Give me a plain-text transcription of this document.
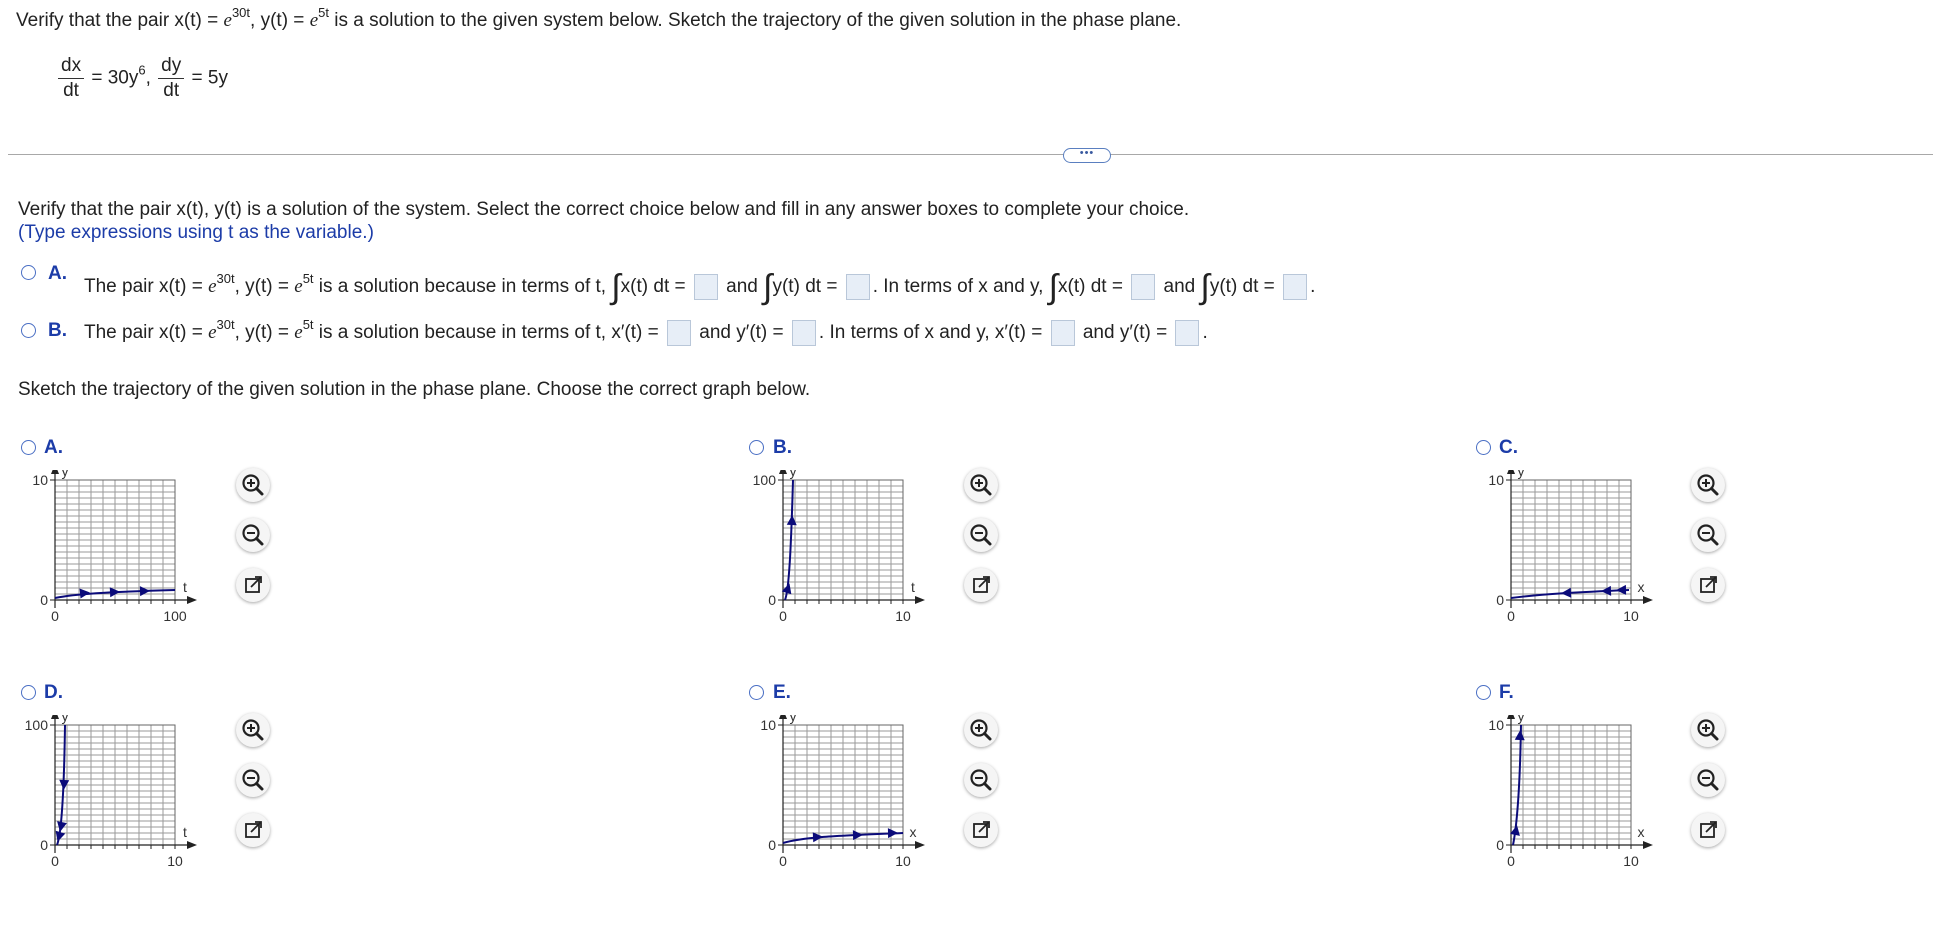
Verify that the pair $x(t) = e^{30t}$, $y(t) = e^{5t}$ is a solution to the given system below. Sketch the trajectory of the given solution in the phase plane.
$\frac{dx}{dt} = 30y^6$, $\frac{dy}{dt} = 5y$
•••
Verify that the pair x(t), y(t) is a solution of the system. Select the correct choice below and fill in any answer boxes to complete your choice.
(Type expressions using t as the variable.)
A.
The pair $x(t) = e^{30t}$, $y(t) = e^{5t}$ is a solution because in terms of t, ∫x(t) dt =  and ∫y(t) dt = . In terms of x and y, ∫x(t) dt =  and ∫y(t) dt = .
B. The pair $x(t) = e^{30t}$, $y(t) = e^{5t}$ is a solution because in terms of t, x′(t) =  and y′(t) = . In terms of x and y, x′(t) =  and y′(t) = .
Sketch the trajectory of the given solution in the phase plane. Choose the correct graph below.
A.	B.	C.
D.	E.	F.
10
0
0	100
t
y
100
0
0	10
t
y
10
0
0	10
x
y
100
0
0	10
t
y
10
0
0	10
x
y
10
0
0	10
x
y
